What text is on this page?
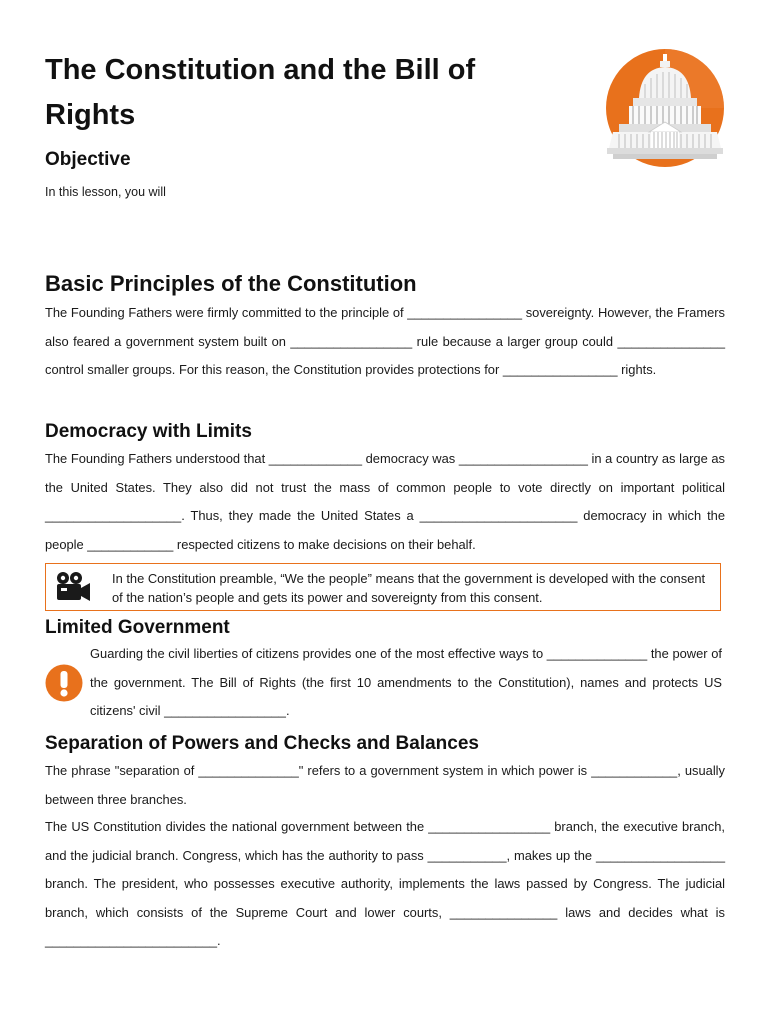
The Constitution and the Bill of Rights
Objective

In this lesson, you will

Basic Principles of the Constitution

The Founding Fathers were firmly committed to the principle of ________________ sovereignty. However, the Framers also feared a government system built on _________________ rule because a larger group could _______________ control smaller groups. For this reason, the Constitution provides protections for ________________ rights.

Democracy with Limits

The Founding Fathers understood that _____________ democracy was __________________ in a country as large as the United States. They also did not trust the mass of common people to vote directly on important political ___________________. Thus, they made the United States a ______________________ democracy in which the people ____________ respected citizens to make decisions on their behalf.

In the Constitution preamble, “We the people” means that the government is developed with the consent of the nation’s people and gets its power and sovereignty from this consent.

Limited Government

Guarding the civil liberties of citizens provides one of the most effective ways to ______________ the power of the government. The Bill of Rights (the first 10 amendments to the Constitution), names and protects US citizens' civil _________________.

Separation of Powers and Checks and Balances

The phrase "separation of ______________" refers to a government system in which power is ____________, usually between three branches.

The US Constitution divides the national government between the _________________ branch, the executive branch, and the judicial branch. Congress, which has the authority to pass ___________, makes up the __________________ branch. The president, who possesses executive authority, implements the laws passed by Congress. The judicial branch, which consists of the Supreme Court and lower courts, _______________ laws and decides what is ________________________.
